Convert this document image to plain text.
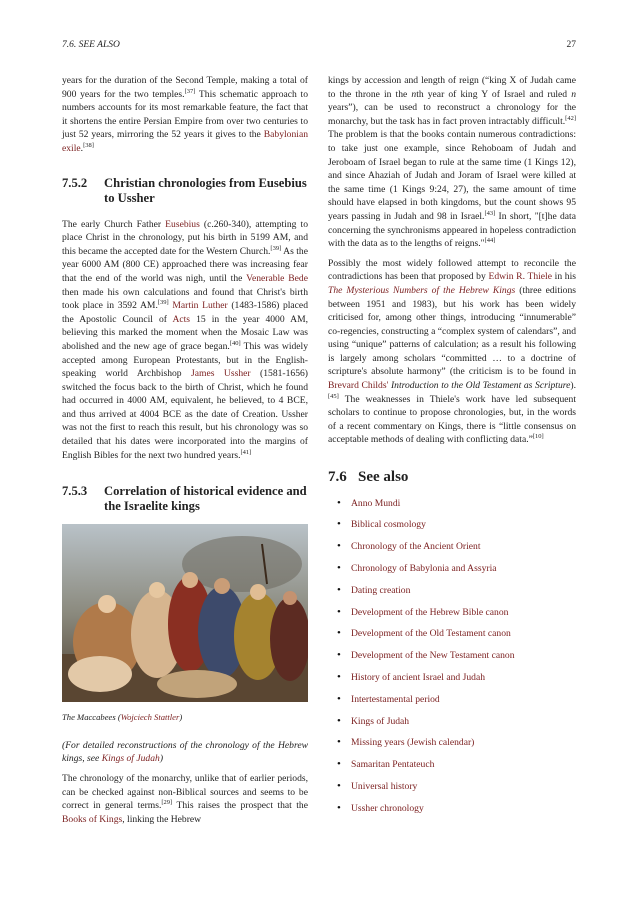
7.6. SEE ALSO	27

years for the duration of the Second Temple, making a total of 900 years for the two temples.[37] This schematic approach to numbers accounts for its most remarkable feature, the fact that it shortens the entire Persian Empire from over two centuries to just 52 years, mirroring the 52 years it gives to the Babylonian exile.[38]

7.5.2	Christian chronologies from Eusebius to Ussher

The early Church Father Eusebius (c.260-340), attempting to place Christ in the chronology, put his birth in 5199 AM, and this became the accepted date for the Western Church.[39] As the year 6000 AM (800 CE) approached there was increasing fear that the end of the world was nigh, until the Venerable Bede then made his own calculations and found that Christ's birth took place in 3592 AM.[39] Martin Luther (1483-1586) placed the Apostolic Council of Acts 15 in the year 4000 AM, believing this marked the moment when the Mosaic Law was abolished and the new age of grace began.[40] This was widely accepted among European Protestants, but in the English-speaking world Archbishop James Ussher (1581-1656) switched the focus back to the birth of Christ, which he found had occurred in 4000 AM, equivalent, he believed, to 4 BCE, and thus arrived at 4004 BCE as the date of Creation. Ussher was not the first to reach this result, but his chronology was so detailed that his dates were incorporated into the margins of English Bibles for the next two hundred years.[41]

7.5.3	Correlation of historical evidence and the Israelite kings
The Maccabees (Wojciech Stattler)

(For detailed reconstructions of the chronology of the Hebrew kings, see Kings of Judah)

The chronology of the monarchy, unlike that of earlier periods, can be checked against non-Biblical sources and seems to be correct in general terms.[29] This raises the prospect that the Books of Kings, linking the Hebrew

kings by accession and length of reign (“king X of Judah came to the throne in the nth year of king Y of Israel and ruled n years”), can be used to reconstruct a chronology for the monarchy, but the task has in fact proven intractably difficult.[42] The problem is that the books contain numerous contradictions: to take just one example, since Rehoboam of Judah and Jeroboam of Israel began to rule at the same time (1 Kings 12), and since Ahaziah of Judah and Joram of Israel were killed at the same time (1 Kings 9:24, 27), the same amount of time should have elapsed in both kingdoms, but the count shows 95 years passing in Judah and 98 in Israel.[43] In short, "[t]he data concerning the synchronisms appeared in hopeless contradiction with the data as to the lengths of reigns."[44]

Possibly the most widely followed attempt to reconcile the contradictions has been that proposed by Edwin R. Thiele in his The Mysterious Numbers of the Hebrew Kings (three editions between 1951 and 1983), but his work has been widely criticised for, among other things, introducing “innumerable” co-regencies, constructing a “complex system of calendars”, and using “unique” patterns of calculation; as a result his following is largely among scholars “committed … to a doctrine of scripture's absolute harmony” (the criticism is to be found in Brevard Childs' Introduction to the Old Testament as Scripture).[45] The weaknesses in Thiele's work have led subsequent scholars to continue to propose chronologies, but, in the words of a recent commentary on Kings, there is “little consensus on acceptable methods of dealing with conflicting data.”[10]

7.6 See also
• Anno Mundi
• Biblical cosmology
• Chronology of the Ancient Orient
• Chronology of Babylonia and Assyria
• Dating creation
• Development of the Hebrew Bible canon
• Development of the Old Testament canon
• Development of the New Testament canon
• History of ancient Israel and Judah
• Intertestamental period
• Kings of Judah
• Missing years (Jewish calendar)
• Samaritan Pentateuch
• Universal history
• Ussher chronology
